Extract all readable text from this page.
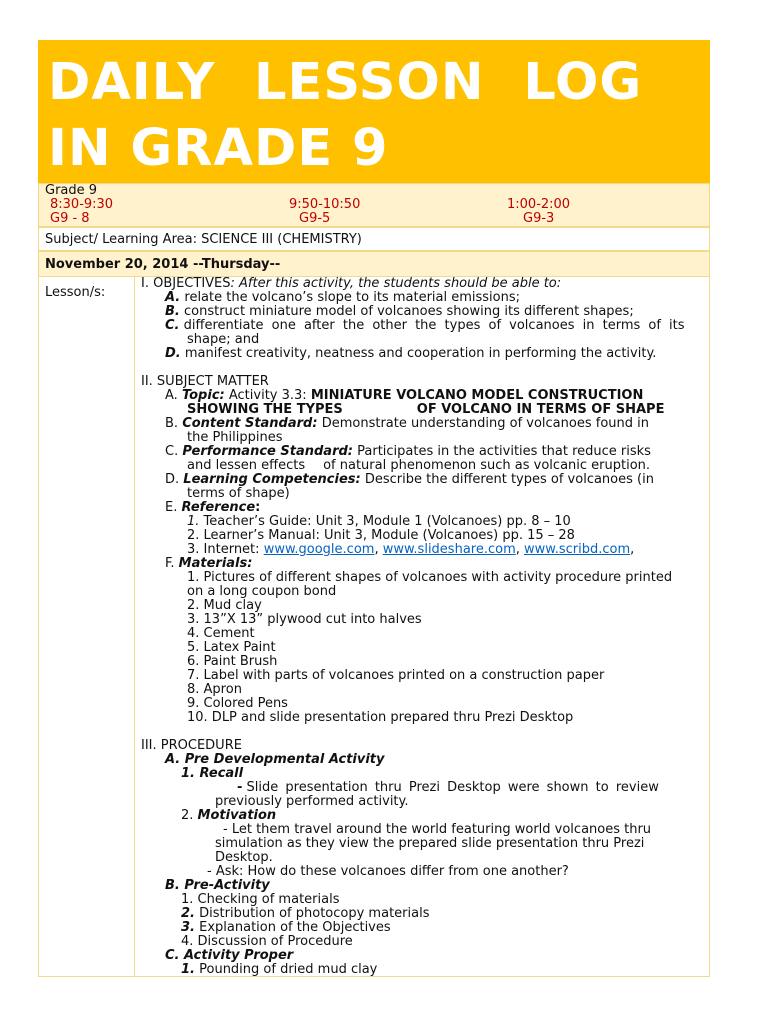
DAILY LESSON LOG
IN GRADE 9
Grade 9
8:30-9:30
G9 - 8
9:50-10:50
G9-5
1:00-2:00
G9-3
Subject/ Learning Area: SCIENCE III (CHEMISTRY)
November 20, 2014 --Thursday--
Lesson/s:
I. OBJECTIVES: After this activity, the students should be able to:
A. relate the volcano’s slope to its material emissions;
B. construct miniature model of volcanoes showing its different shapes;
C. differentiate one after the other the types of volcanoes in terms of its
shape; and
D. manifest creativity, neatness and cooperation in performing the activity.
II. SUBJECT MATTER
A. Topic: Activity 3.3: MINIATURE VOLCANO MODEL CONSTRUCTION
SHOWING THE TYPES	OF VOLCANO IN TERMS OF SHAPE
B. Content Standard: Demonstrate understanding of volcanoes found in
the Philippines
C. Performance Standard: Participates in the activities that reduce risks
and lessen effects of natural phenomenon such as volcanic eruption.
D. Learning Competencies: Describe the different types of volcanoes (in
terms of shape)
E. Reference:
1. Teacher’s Guide: Unit 3, Module 1 (Volcanoes) pp. 8 – 10
2. Learner’s Manual: Unit 3, Module (Volcanoes) pp. 15 – 28
3. Internet: www.google.com, www.slideshare.com, www.scribd.com,
F. Materials:
1. Pictures of different shapes of volcanoes with activity procedure printed
on a long coupon bond
2. Mud clay
3. 13”X 13” plywood cut into halves
4. Cement
5. Latex Paint
6. Paint Brush
7. Label with parts of volcanoes printed on a construction paper
8. Apron
9. Colored Pens
10. DLP and slide presentation prepared thru Prezi Desktop
III. PROCEDURE
A. Pre Developmental Activity
1. Recall
- Slide presentation thru Prezi Desktop were shown to review
previously performed activity.
2. Motivation
- Let them travel around the world featuring world volcanoes thru
simulation as they view the prepared slide presentation thru Prezi
Desktop.
- Ask: How do these volcanoes differ from one another?
B. Pre-Activity
1. Checking of materials
2. Distribution of photocopy materials
3. Explanation of the Objectives
4. Discussion of Procedure
C. Activity Proper
1. Pounding of dried mud clay
